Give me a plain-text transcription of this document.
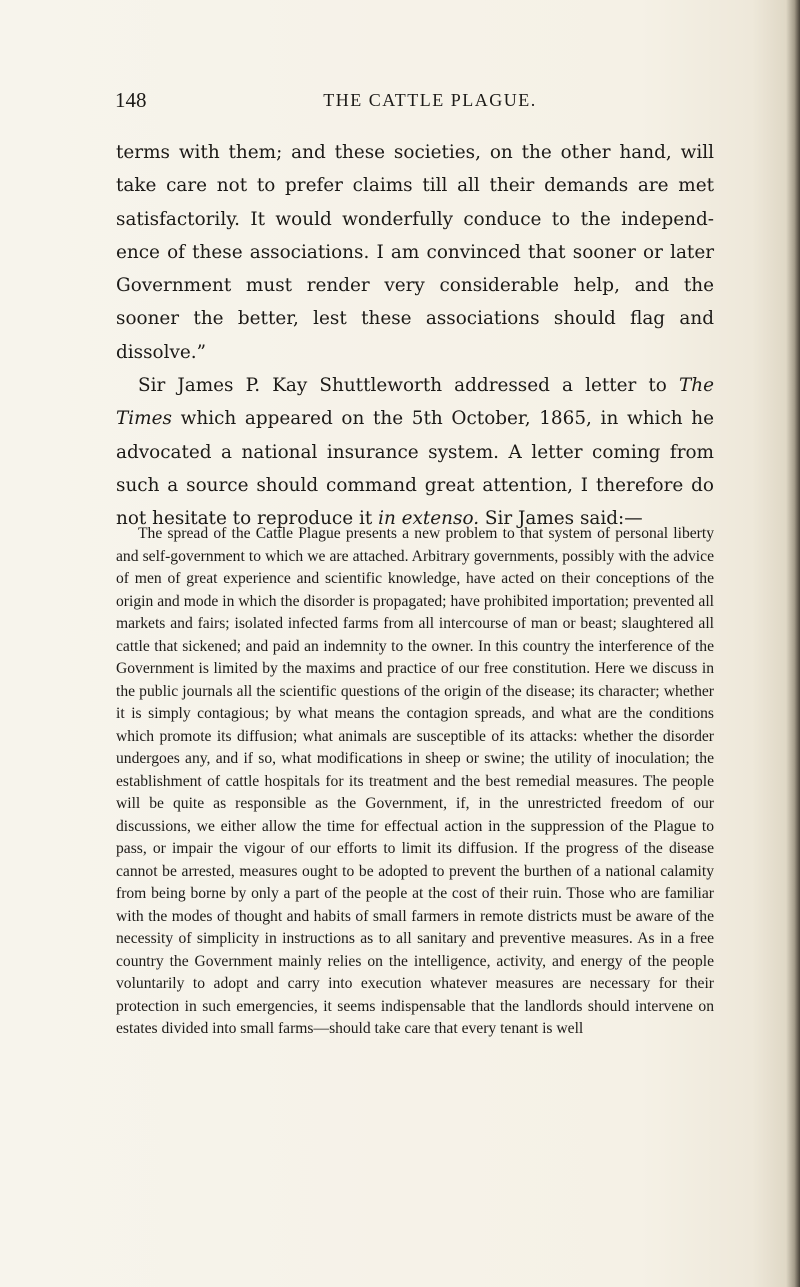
148	THE CATTLE PLAGUE.

terms with them; and these societies, on the other hand, will take care not to prefer claims till all their demands are met satisfactorily. It would wonderfully conduce to the independence of these associations. I am convinced that sooner or later Government must render very considerable help, and the sooner the better, lest these associations should flag and dissolve.”

Sir James P. Kay Shuttleworth addressed a letter to The Times which appeared on the 5th October, 1865, in which he advocated a national insurance system. A letter coming from such a source should command great attention, I therefore do not hesitate to reproduce it in extenso. Sir James said:—

The spread of the Cattle Plague presents a new problem to that system of personal liberty and self-government to which we are attached. Arbitrary governments, possibly with the advice of men of great experience and scientific knowledge, have acted on their conceptions of the origin and mode in which the disorder is propagated; have prohibited importation; prevented all markets and fairs; isolated infected farms from all intercourse of man or beast; slaughtered all cattle that sickened; and paid an indemnity to the owner. In this country the interference of the Government is limited by the maxims and practice of our free constitution. Here we discuss in the public journals all the scientific questions of the origin of the disease; its character; whether it is simply contagious; by what means the contagion spreads, and what are the conditions which promote its diffusion; what animals are susceptible of its attacks: whether the disorder undergoes any, and if so, what modifications in sheep or swine; the utility of inoculation; the establishment of cattle hospitals for its treatment and the best remedial measures. The people will be quite as responsible as the Government, if, in the unrestricted freedom of our discussions, we either allow the time for effectual action in the suppression of the Plague to pass, or impair the vigour of our efforts to limit its diffusion. If the progress of the disease cannot be arrested, measures ought to be adopted to prevent the burthen of a national calamity from being borne by only a part of the people at the cost of their ruin. Those who are familiar with the modes of thought and habits of small farmers in remote districts must be aware of the necessity of simplicity in instructions as to all sanitary and preventive measures. As in a free country the Government mainly relies on the intelligence, activity, and energy of the people voluntarily to adopt and carry into execution whatever measures are necessary for their protection in such emergencies, it seems indispensable that the landlords should intervene on estates divided into small farms—should take care that every tenant is well
